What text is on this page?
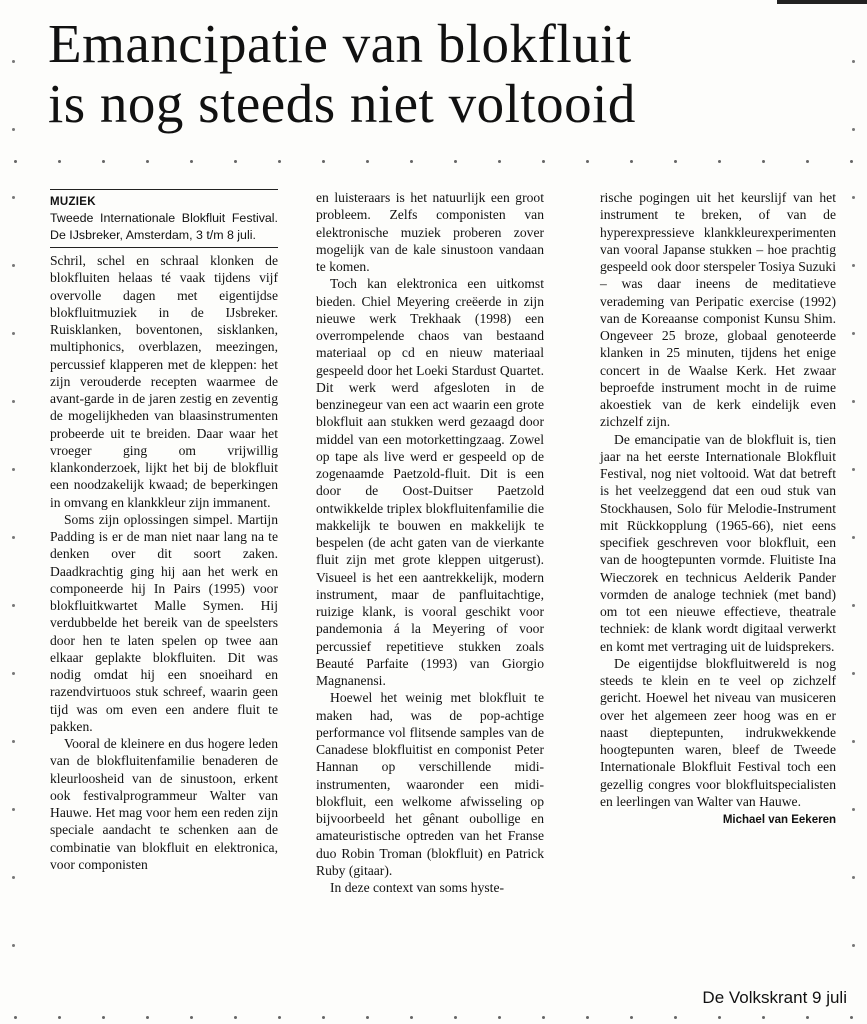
Emancipatie van blokfluit
is nog steeds niet voltooid
MUZIEK
Tweede Internationale Blokfluit Festival. De IJsbreker, Amsterdam, 3 t/m 8 juli.

Schril, schel en schraal klonken de blokfluiten helaas té vaak tijdens vijf overvolle dagen met eigentijdse blokfluitmuziek in de IJsbreker. Ruisklanken, boventonen, sisklanken, multiphonics, overblazen, meezingen, percussief klapperen met de kleppen: het zijn verouderde recepten waarmee de avant-garde in de jaren zestig en zeventig de mogelijkheden van blaasinstrumenten probeerde uit te breiden. Daar waar het vroeger ging om vrijwillig klankonderzoek, lijkt het bij de blokfluit een noodzakelijk kwaad; de beperkingen in omvang en klankkleur zijn immanent.

Soms zijn oplossingen simpel. Martijn Padding is er de man niet naar lang na te denken over dit soort zaken. Daadkrachtig ging hij aan het werk en componeerde hij In Pairs (1995) voor blokfluitkwartet Malle Symen. Hij verdubbelde het bereik van de speelsters door hen te laten spelen op twee aan elkaar geplakte blokfluiten. Dit was nodig omdat hij een snoeihard en razendvirtuoos stuk schreef, waarin geen tijd was om even een andere fluit te pakken.

Vooral de kleinere en dus hogere leden van de blokfluitenfamilie benaderen de kleurloosheid van de sinustoon, erkent ook festivalprogrammeur Walter van Hauwe. Het mag voor hem een reden zijn speciale aandacht te schenken aan de combinatie van blokfluit en elektronica, voor componisten

en luisteraars is het natuurlijk een groot probleem. Zelfs componisten van elektronische muziek proberen zover mogelijk van de kale sinustoon vandaan te komen.

Toch kan elektronica een uitkomst bieden. Chiel Meyering creëerde in zijn nieuwe werk Trekhaak (1998) een overrompelende chaos van bestaand materiaal op cd en nieuw materiaal gespeeld door het Loeki Stardust Quartet. Dit werk werd afgesloten in de benzinegeur van een act waarin een grote blokfluit aan stukken werd gezaagd door middel van een motorkettingzaag. Zowel op tape als live werd er gespeeld op de zogenaamde Paetzold-fluit. Dit is een door de Oost-Duitser Paetzold ontwikkelde triplex blokfluitenfamilie die makkelijk te bouwen en makkelijk te bespelen (de acht gaten van de vierkante fluit zijn met grote kleppen uitgerust). Visueel is het een aantrekkelijk, modern instrument, maar de panfluitachtige, ruizige klank, is vooral geschikt voor pandemonia á la Meyering of voor percussief repetitieve stukken zoals Beauté Parfaite (1993) van Giorgio Magnanensi.

Hoewel het weinig met blokfluit te maken had, was de pop-achtige performance vol flitsende samples van de Canadese blokfluitist en componist Peter Hannan op verschillende midi-instrumenten, waaronder een midi-blokfluit, een welkome afwisseling op bijvoorbeeld het gênant oubollige en amateuristische optreden van het Franse duo Robin Troman (blokfluit) en Patrick Ruby (gitaar).

In deze context van soms hyste-

rische pogingen uit het keurslijf van het instrument te breken, of van de hyperexpressieve klankkleurexperimenten van vooral Japanse stukken – hoe prachtig gespeeld ook door sterspeler Tosiya Suzuki – was daar ineens de meditatieve verademing van Peripatic exercise (1992) van de Koreaanse componist Kunsu Shim. Ongeveer 25 broze, globaal genoteerde klanken in 25 minuten, tijdens het enige concert in de Waalse Kerk. Het zwaar beproefde instrument mocht in de ruime akoestiek van de kerk eindelijk even zichzelf zijn.

De emancipatie van de blokfluit is, tien jaar na het eerste Internationale Blokfluit Festival, nog niet voltooid. Wat dat betreft is het veelzeggend dat een oud stuk van Stockhausen, Solo für Melodie-Instrument mit Rückkopplung (1965-66), niet eens specifiek geschreven voor blokfluit, een van de hoogtepunten vormde. Fluitiste Ina Wieczorek en technicus Aelderik Pander vormden de analoge techniek (met band) om tot een nieuwe effectieve, theatrale techniek: de klank wordt digitaal verwerkt en komt met vertraging uit de luidsprekers.

De eigentijdse blokfluitwereld is nog steeds te klein en te veel op zichzelf gericht. Hoewel het niveau van musiceren over het algemeen zeer hoog was en er naast dieptepunten, indrukwekkende hoogtepunten waren, bleef de Tweede Internationale Blokfluit Festival toch een gezellig congres voor blokfluitspecialisten en leerlingen van Walter van Hauwe.

Michael van Eekeren
De Volkskrant 9 juli
